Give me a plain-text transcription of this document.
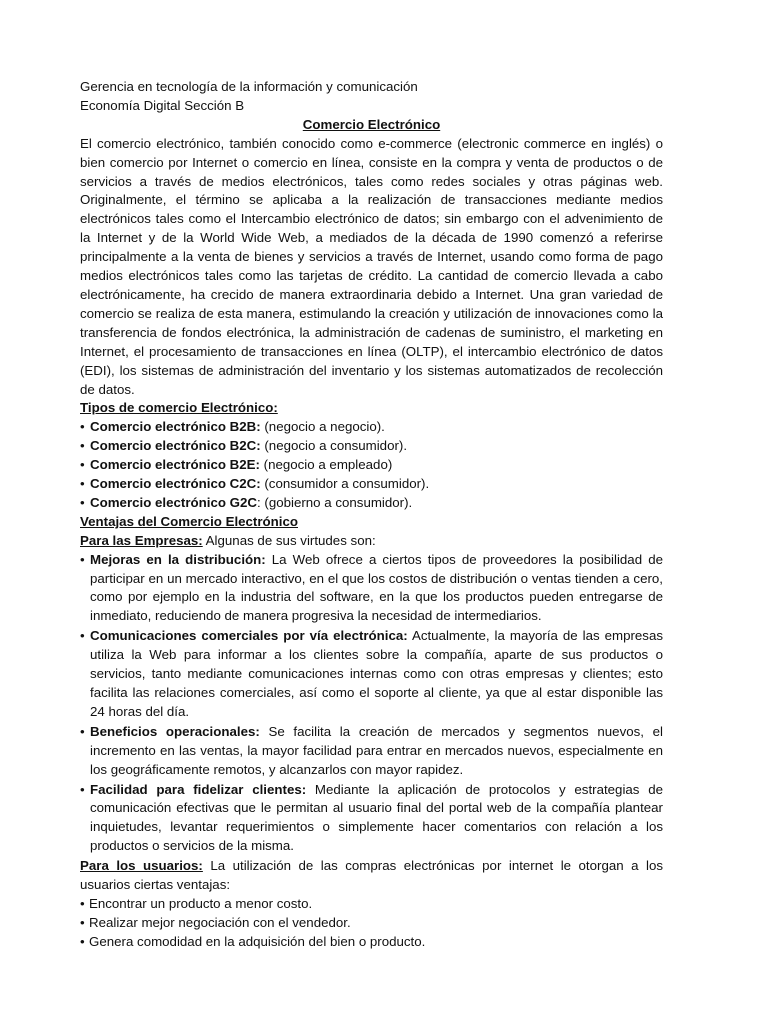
Gerencia en tecnología de la información y comunicación

Economía Digital Sección B

Comercio Electrónico

El comercio electrónico, también conocido como e-commerce (electronic commerce en inglés) o bien comercio por Internet o comercio en línea, consiste en la compra y venta de productos o de servicios a través de medios electrónicos, tales como redes sociales y otras páginas web. Originalmente, el término se aplicaba a la realización de transacciones mediante medios electrónicos tales como el Intercambio electrónico de datos; sin embargo con el advenimiento de la Internet y de la World Wide Web, a mediados de la década de 1990 comenzó a referirse principalmente a la venta de bienes y servicios a través de Internet, usando como forma de pago medios electrónicos tales como las tarjetas de crédito. La cantidad de comercio llevada a cabo electrónicamente, ha crecido de manera extraordinaria debido a Internet. Una gran variedad de comercio se realiza de esta manera, estimulando la creación y utilización de innovaciones como la transferencia de fondos electrónica, la administración de cadenas de suministro, el marketing en Internet, el procesamiento de transacciones en línea (OLTP), el intercambio electrónico de datos (EDI), los sistemas de administración del inventario y los sistemas automatizados de recolección de datos.

Tipos de comercio Electrónico:

• Comercio electrónico B2B: (negocio a negocio).
• Comercio electrónico B2C: (negocio a consumidor).
• Comercio electrónico B2E: (negocio a empleado)
• Comercio electrónico C2C: (consumidor a consumidor).
• Comercio electrónico G2C: (gobierno a consumidor).

Ventajas del Comercio Electrónico

Para las Empresas: Algunas de sus virtudes son:

• Mejoras en la distribución: La Web ofrece a ciertos tipos de proveedores la posibilidad de participar en un mercado interactivo, en el que los costos de distribución o ventas tienden a cero, como por ejemplo en la industria del software, en la que los productos pueden entregarse de inmediato, reduciendo de manera progresiva la necesidad de intermediarios.
• Comunicaciones comerciales por vía electrónica: Actualmente, la mayoría de las empresas utiliza la Web para informar a los clientes sobre la compañía, aparte de sus productos o servicios, tanto mediante comunicaciones internas como con otras empresas y clientes; esto facilita las relaciones comerciales, así como el soporte al cliente, ya que al estar disponible las 24 horas del día.
• Beneficios operacionales: Se facilita la creación de mercados y segmentos nuevos, el incremento en las ventas, la mayor facilidad para entrar en mercados nuevos, especialmente en los geográficamente remotos, y alcanzarlos con mayor rapidez.
• Facilidad para fidelizar clientes: Mediante la aplicación de protocolos y estrategias de comunicación efectivas que le permitan al usuario final del portal web de la compañía plantear inquietudes, levantar requerimientos o simplemente hacer comentarios con relación a los productos o servicios de la misma.

Para los usuarios: La utilización de las compras electrónicas por internet le otorgan a los usuarios ciertas ventajas:

• Encontrar un producto a menor costo.
• Realizar mejor negociación con el vendedor.
• Genera comodidad en la adquisición del bien o producto.
